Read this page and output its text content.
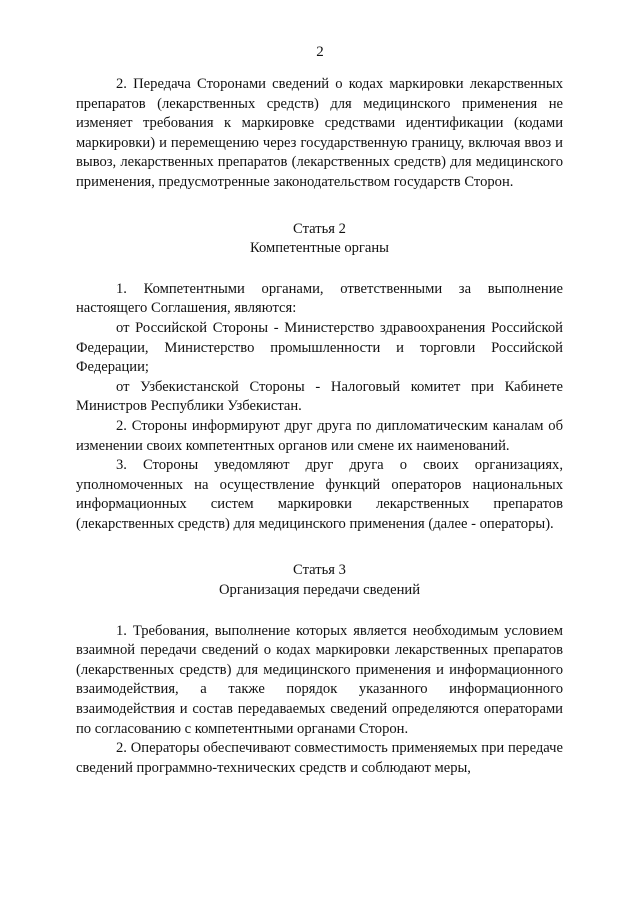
2

2. Передача Сторонами сведений о кодах маркировки лекарственных препаратов (лекарственных средств) для медицинского применения не изменяет требования к маркировке средствами идентификации (кодами маркировки) и перемещению через государственную границу, включая ввоз и вывоз, лекарственных препаратов (лекарственных средств) для медицинского применения, предусмотренные законодательством государств Сторон.

Статья 2
Компетентные органы

1. Компетентными органами, ответственными за выполнение настоящего Соглашения, являются:

от Российской Стороны - Министерство здравоохранения Российской Федерации, Министерство промышленности и торговли Российской Федерации;

от Узбекистанской Стороны - Налоговый комитет при Кабинете Министров Республики Узбекистан.

2. Стороны информируют друг друга по дипломатическим каналам об изменении своих компетентных органов или смене их наименований.

3. Стороны уведомляют друг друга о своих организациях, уполномоченных на осуществление функций операторов национальных информационных систем маркировки лекарственных препаратов (лекарственных средств) для медицинского применения (далее - операторы).

Статья 3
Организация передачи сведений

1. Требования, выполнение которых является необходимым условием взаимной передачи сведений о кодах маркировки лекарственных препаратов (лекарственных средств) для медицинского применения и информационного взаимодействия, а также порядок указанного информационного взаимодействия и состав передаваемых сведений определяются операторами по согласованию с компетентными органами Сторон.

2. Операторы обеспечивают совместимость применяемых при передаче сведений программно-технических средств и соблюдают меры,
